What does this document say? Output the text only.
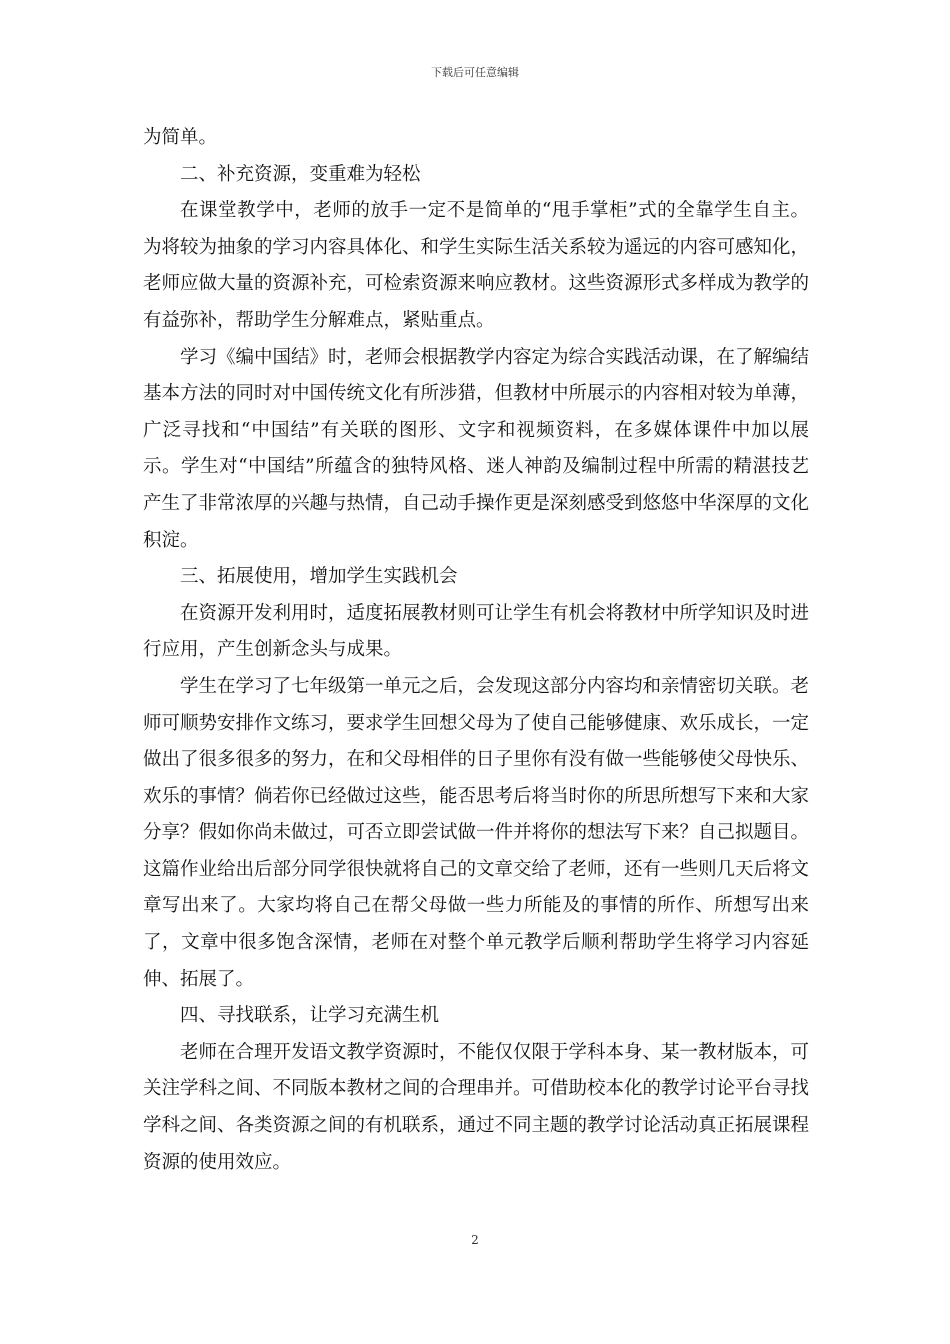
下载后可任意编辑

为简单。

二、补充资源，变重难为轻松

在课堂教学中，老师的放手一定不是简单的“甩手掌柜”式的全靠学生自主。为将较为抽象的学习内容具体化、和学生实际生活关系较为遥远的内容可感知化，老师应做大量的资源补充，可检索资源来响应教材。这些资源形式多样成为教学的有益弥补，帮助学生分解难点，紧贴重点。

学习《编中国结》时，老师会根据教学内容定为综合实践活动课，在了解编结基本方法的同时对中国传统文化有所涉猎，但教材中所展示的内容相对较为单薄，广泛寻找和“中国结”有关联的图形、文字和视频资料，在多媒体课件中加以展示。学生对“中国结”所蕴含的独特风格、迷人神韵及编制过程中所需的精湛技艺产生了非常浓厚的兴趣与热情，自己动手操作更是深刻感受到悠悠中华深厚的文化积淀。

三、拓展使用，增加学生实践机会

在资源开发利用时，适度拓展教材则可让学生有机会将教材中所学知识及时进行应用，产生创新念头与成果。

学生在学习了七年级第一单元之后，会发现这部分内容均和亲情密切关联。老师可顺势安排作文练习，要求学生回想父母为了使自己能够健康、欢乐成长，一定做出了很多很多的努力，在和父母相伴的日子里你有没有做一些能够使父母快乐、欢乐的事情？倘若你已经做过这些，能否思考后将当时你的所思所想写下来和大家分享？假如你尚未做过，可否立即尝试做一件并将你的想法写下来？自己拟题目。这篇作业给出后部分同学很快就将自己的文章交给了老师，还有一些则几天后将文章写出来了。大家均将自己在帮父母做一些力所能及的事情的所作、所想写出来了，文章中很多饱含深情，老师在对整个单元教学后顺利帮助学生将学习内容延伸、拓展了。

四、寻找联系，让学习充满生机

老师在合理开发语文教学资源时，不能仅仅限于学科本身、某一教材版本，可关注学科之间、不同版本教材之间的合理串并。可借助校本化的教学讨论平台寻找学科之间、各类资源之间的有机联系，通过不同主题的教学讨论活动真正拓展课程资源的使用效应。

2
